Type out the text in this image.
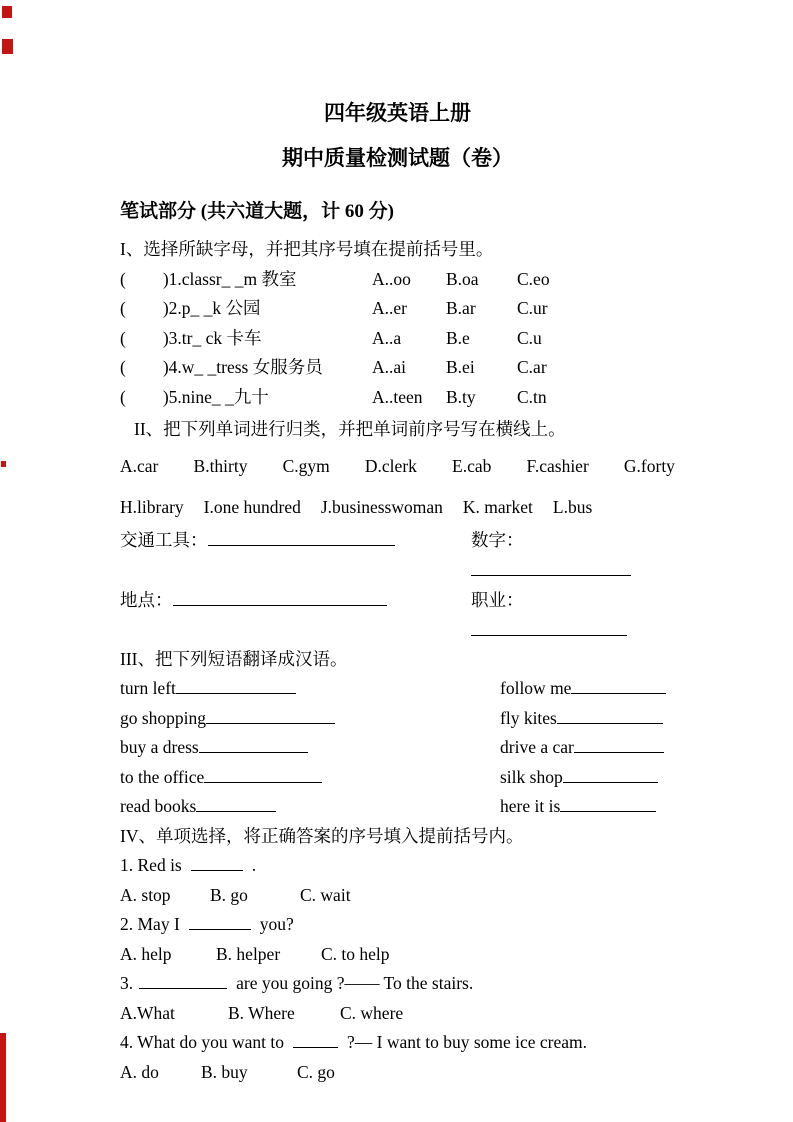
四年级英语上册
期中质量检测试题（卷）
笔试部分 (共六道大题，计 60 分)
I、选择所缺字母，并把其序号填在提前括号里。
( )1.classr_ _m 教室	A..oo	B.oa	C.eo
( )2.p_ _k 公园	A..er	B.ar	C.ur
( )3.tr_ ck 卡车	A..a	B.e	C.u
( )4.w_ _tress 女服务员	A..ai	B.ei	C.ar
( )5.nine_ _九十	A..teen	B.ty	C.tn
II、把下列单词进行归类，并把单词前序号写在横线上。
A.car B.thirty C.gym D.clerk E.cab F.cashier G.forty
H.library I.one hundred J.businesswoman K. market L.bus
交通工具：	数字：
地点：	职业：
III、把下列短语翻译成汉语。
turn left	follow me
go shopping	fly kites
buy a dress	drive a car
to the office	silk shop
read books	here it is
IV、单项选择，将正确答案的序号填入提前括号内。
1. Red is	.
A. stop	B. go	C. wait
2. May I	you?
A. help	B. helper	C. to help
3.	are you going ?—— To the stairs.
A.What	B. Where	C. where
4. What do you want to	?— I want to buy some ice cream.
A. do	B. buy	C. go
